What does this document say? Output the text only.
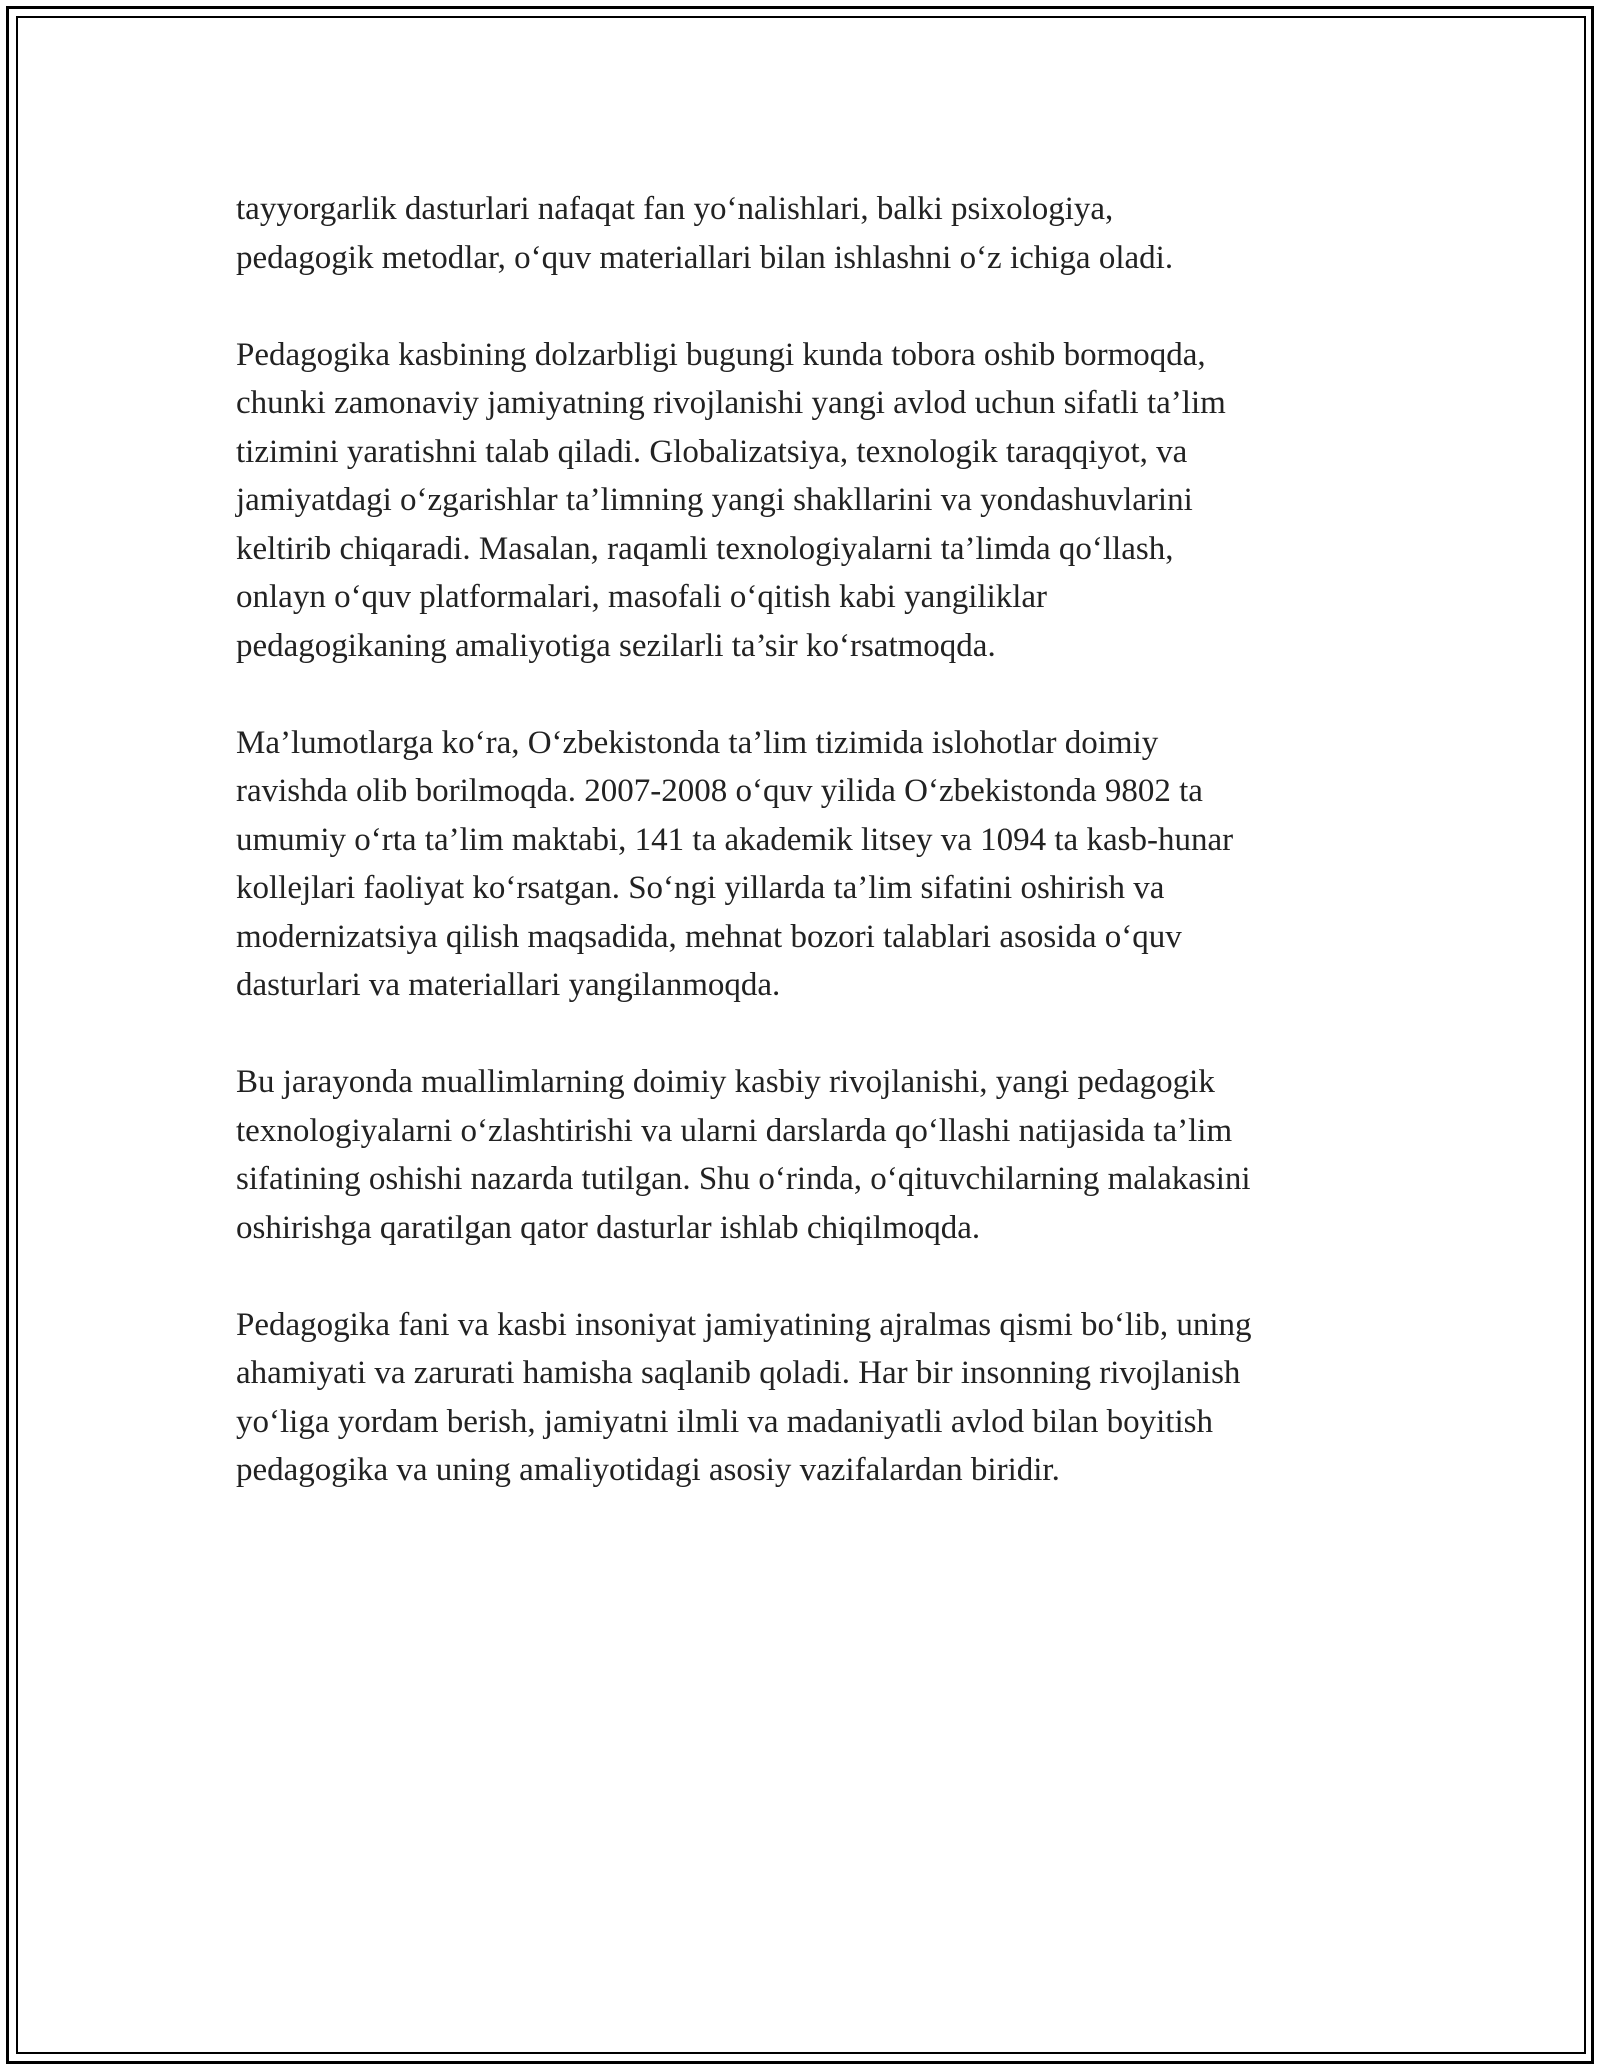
tayyorgarlik dasturlari nafaqat fan yo‘nalishlari, balki psixologiya,
pedagogik metodlar, o‘quv materiallari bilan ishlashni o‘z ichiga oladi.

Pedagogika kasbining dolzarbligi bugungi kunda tobora oshib bormoqda,
chunki zamonaviy jamiyatning rivojlanishi yangi avlod uchun sifatli ta’lim
tizimini yaratishni talab qiladi. Globalizatsiya, texnologik taraqqiyot, va
jamiyatdagi o‘zgarishlar ta’limning yangi shakllarini va yondashuvlarini
keltirib chiqaradi. Masalan, raqamli texnologiyalarni ta’limda qo‘llash,
onlayn o‘quv platformalari, masofali o‘qitish kabi yangiliklar
pedagogikaning amaliyotiga sezilarli ta’sir ko‘rsatmoqda.

Ma’lumotlarga ko‘ra, O‘zbekistonda ta’lim tizimida islohotlar doimiy
ravishda olib borilmoqda. 2007-2008 o‘quv yilida O‘zbekistonda 9802 ta
umumiy o‘rta ta’lim maktabi, 141 ta akademik litsey va 1094 ta kasb-hunar
kollejlari faoliyat ko‘rsatgan. So‘ngi yillarda ta’lim sifatini oshirish va
modernizatsiya qilish maqsadida, mehnat bozori talablari asosida o‘quv
dasturlari va materiallari yangilanmoqda.

Bu jarayonda muallimlarning doimiy kasbiy rivojlanishi, yangi pedagogik
texnologiyalarni o‘zlashtirishi va ularni darslarda qo‘llashi natijasida ta’lim
sifatining oshishi nazarda tutilgan. Shu o‘rinda, o‘qituvchilarning malakasini
oshirishga qaratilgan qator dasturlar ishlab chiqilmoqda.

Pedagogika fani va kasbi insoniyat jamiyatining ajralmas qismi bo‘lib, uning
ahamiyati va zarurati hamisha saqlanib qoladi. Har bir insonning rivojlanish
yo‘liga yordam berish, jamiyatni ilmli va madaniyatli avlod bilan boyitish
pedagogika va uning amaliyotidagi asosiy vazifalardan biridir.
